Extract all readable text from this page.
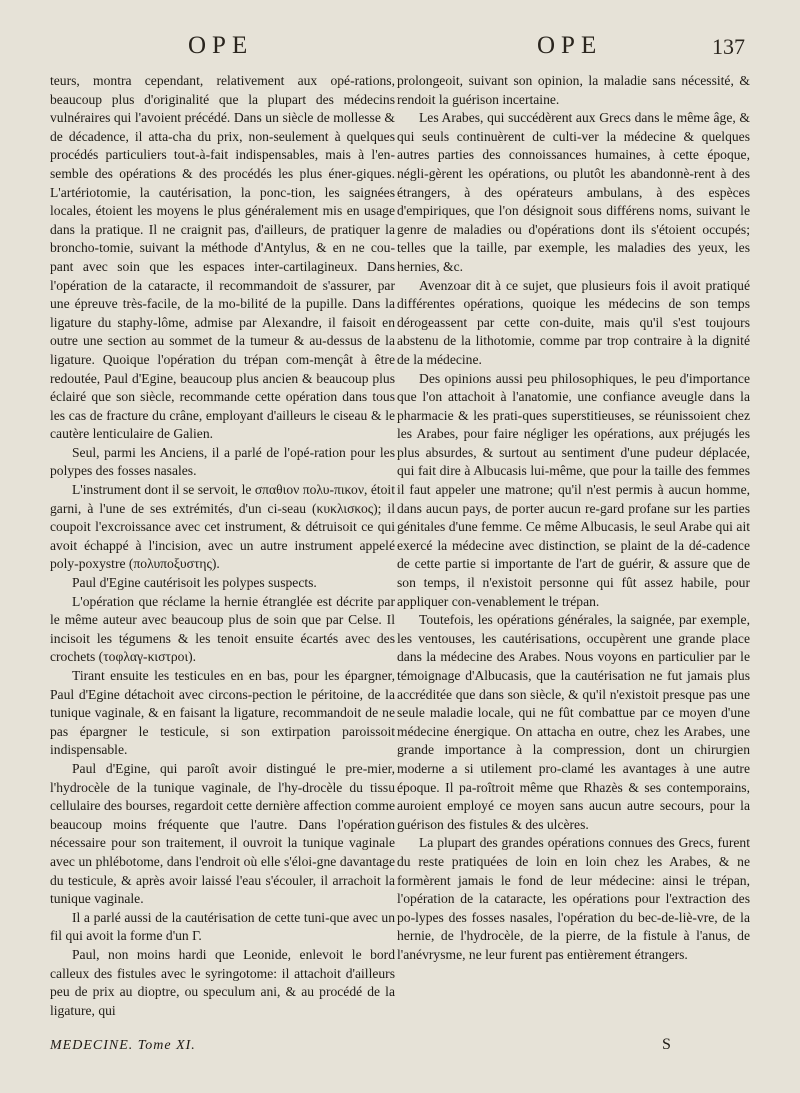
OPE	OPE	137

teurs, montra cependant, relativement aux opé-rations, beaucoup plus d'originalité que la plupart des médecins vulnéraires qui l'avoient précédé. Dans un siècle de mollesse & de décadence, il atta-cha du prix, non-seulement à quelques procédés particuliers tout-à-fait indispensables, mais à l'en-semble des opérations & des procédés les plus éner-giques. L'artériotomie, la cautérisation, la ponc-tion, les saignées locales, étoient les moyens le plus généralement mis en usage dans la pratique. Il ne craignit pas, d'ailleurs, de pratiquer la broncho-tomie, suivant la méthode d'Antylus, & en ne cou-pant avec soin que les espaces inter-cartilagineux. Dans l'opération de la cataracte, il recommandoit de s'assurer, par une épreuve très-facile, de la mo-bilité de la pupille. Dans la ligature du staphy-lôme, admise par Alexandre, il faisoit en outre une section au sommet de la tumeur & au-dessus de la ligature. Quoique l'opération du trépan com-mençât à être redoutée, Paul d'Egine, beaucoup plus ancien & beaucoup plus éclairé que son siècle, recommande cette opération dans tous les cas de fracture du crâne, employant d'ailleurs le ciseau & le cautère lenticulaire de Galien.

Seul, parmi les Anciens, il a parlé de l'opé-ration pour les polypes des fosses nasales.

L'instrument dont il se servoit, le σπαθιον πολυ-πικον, étoit garni, à l'une de ses extrémités, d'un ci-seau (κυκλισκος); il coupoit l'excroissance avec cet instrument, & détruisoit ce qui avoit échappé à l'incision, avec un autre instrument appelé poly-poxystre (πολυποξυστης).

Paul d'Egine cautérisoit les polypes suspects.

L'opération que réclame la hernie étranglée est décrite par le même auteur avec beaucoup plus de soin que par Celse. Il incisoit les tégumens & les tenoit ensuite écartés avec des crochets (τοφλαγ-κιστροι).

Tirant ensuite les testicules en en bas, pour les épargner, Paul d'Egine détachoit avec circons-pection le péritoine, de la tunique vaginale, & en faisant la ligature, recommandoit de ne pas épargner le testicule, si son extirpation paroissoit indispensable.

Paul d'Egine, qui paroît avoir distingué le pre-mier, l'hydrocèle de la tunique vaginale, de l'hy-drocèle du tissu cellulaire des bourses, regardoit cette dernière affection comme beaucoup moins fréquente que l'autre. Dans l'opération nécessaire pour son traitement, il ouvroit la tunique vaginale avec un phlébotome, dans l'endroit où elle s'éloi-gne davantage du testicule, & après avoir laissé l'eau s'écouler, il arrachoit la tunique vaginale.

Il a parlé aussi de la cautérisation de cette tuni-que avec un fil qui avoit la forme d'un Γ.

Paul, non moins hardi que Leonide, enlevoit le bord calleux des fistules avec le syringotome: il attachoit d'ailleurs peu de prix au dioptre, ou speculum ani, & au procédé de la ligature, qui

prolongeoit, suivant son opinion, la maladie sans nécessité, & rendoit la guérison incertaine.

Les Arabes, qui succédèrent aux Grecs dans le même âge, & qui seuls continuèrent de culti-ver la médecine & quelques autres parties des connoissances humaines, à cette époque, négli-gèrent les opérations, ou plutôt les abandonnè-rent à des étrangers, à des opérateurs ambulans, à des espèces d'empiriques, que l'on désignoit sous différens noms, suivant le genre de maladies ou d'opérations dont ils s'étoient occupés; telles que la taille, par exemple, les maladies des yeux, les hernies, &c.

Avenzoar dit à ce sujet, que plusieurs fois il avoit pratiqué différentes opérations, quoique les médecins de son temps dérogeassent par cette con-duite, mais qu'il s'est toujours abstenu de la lithotomie, comme par trop contraire à la dignité de la médecine.

Des opinions aussi peu philosophiques, le peu d'importance que l'on attachoit à l'anatomie, une confiance aveugle dans la pharmacie & les prati-ques superstitieuses, se réunissoient chez les Arabes, pour faire négliger les opérations, aux préjugés les plus absurdes, & surtout au sentiment d'une pudeur déplacée, qui fait dire à Albucasis lui-même, que pour la taille des femmes il faut appeler une matrone; qu'il n'est permis à aucun homme, dans aucun pays, de porter aucun re-gard profane sur les parties génitales d'une femme. Ce même Albucasis, le seul Arabe qui ait exercé la médecine avec distinction, se plaint de la dé-cadence de cette partie si importante de l'art de guérir, & assure que de son temps, il n'existoit personne qui fût assez habile, pour appliquer con-venablement le trépan.

Toutefois, les opérations générales, la saignée, par exemple, les ventouses, les cautérisations, occupèrent une grande place dans la médecine des Arabes. Nous voyons en particulier par le témoignage d'Albucasis, que la cautérisation ne fut jamais plus accréditée que dans son siècle, & qu'il n'existoit presque pas une seule maladie locale, qui ne fût combattue par ce moyen d'une médecine énergique. On attacha en outre, chez les Arabes, une grande importance à la compression, dont un chirurgien moderne a si utilement pro-clamé les avantages à une autre époque. Il pa-roîtroit même que Rhazès & ses contemporains, auroient employé ce moyen sans aucun autre secours, pour la guérison des fistules & des ulcères.

La plupart des grandes opérations connues des Grecs, furent du reste pratiquées de loin en loin chez les Arabes, & ne formèrent jamais le fond de leur médecine: ainsi le trépan, l'opération de la cataracte, les opérations pour l'extraction des po-lypes des fosses nasales, l'opération du bec-de-liè-vre, de la hernie, de l'hydrocèle, de la pierre, de la fistule à l'anus, de l'anévrysme, ne leur furent pas entièrement étrangers.

MEDECINE. Tome XI.	S
